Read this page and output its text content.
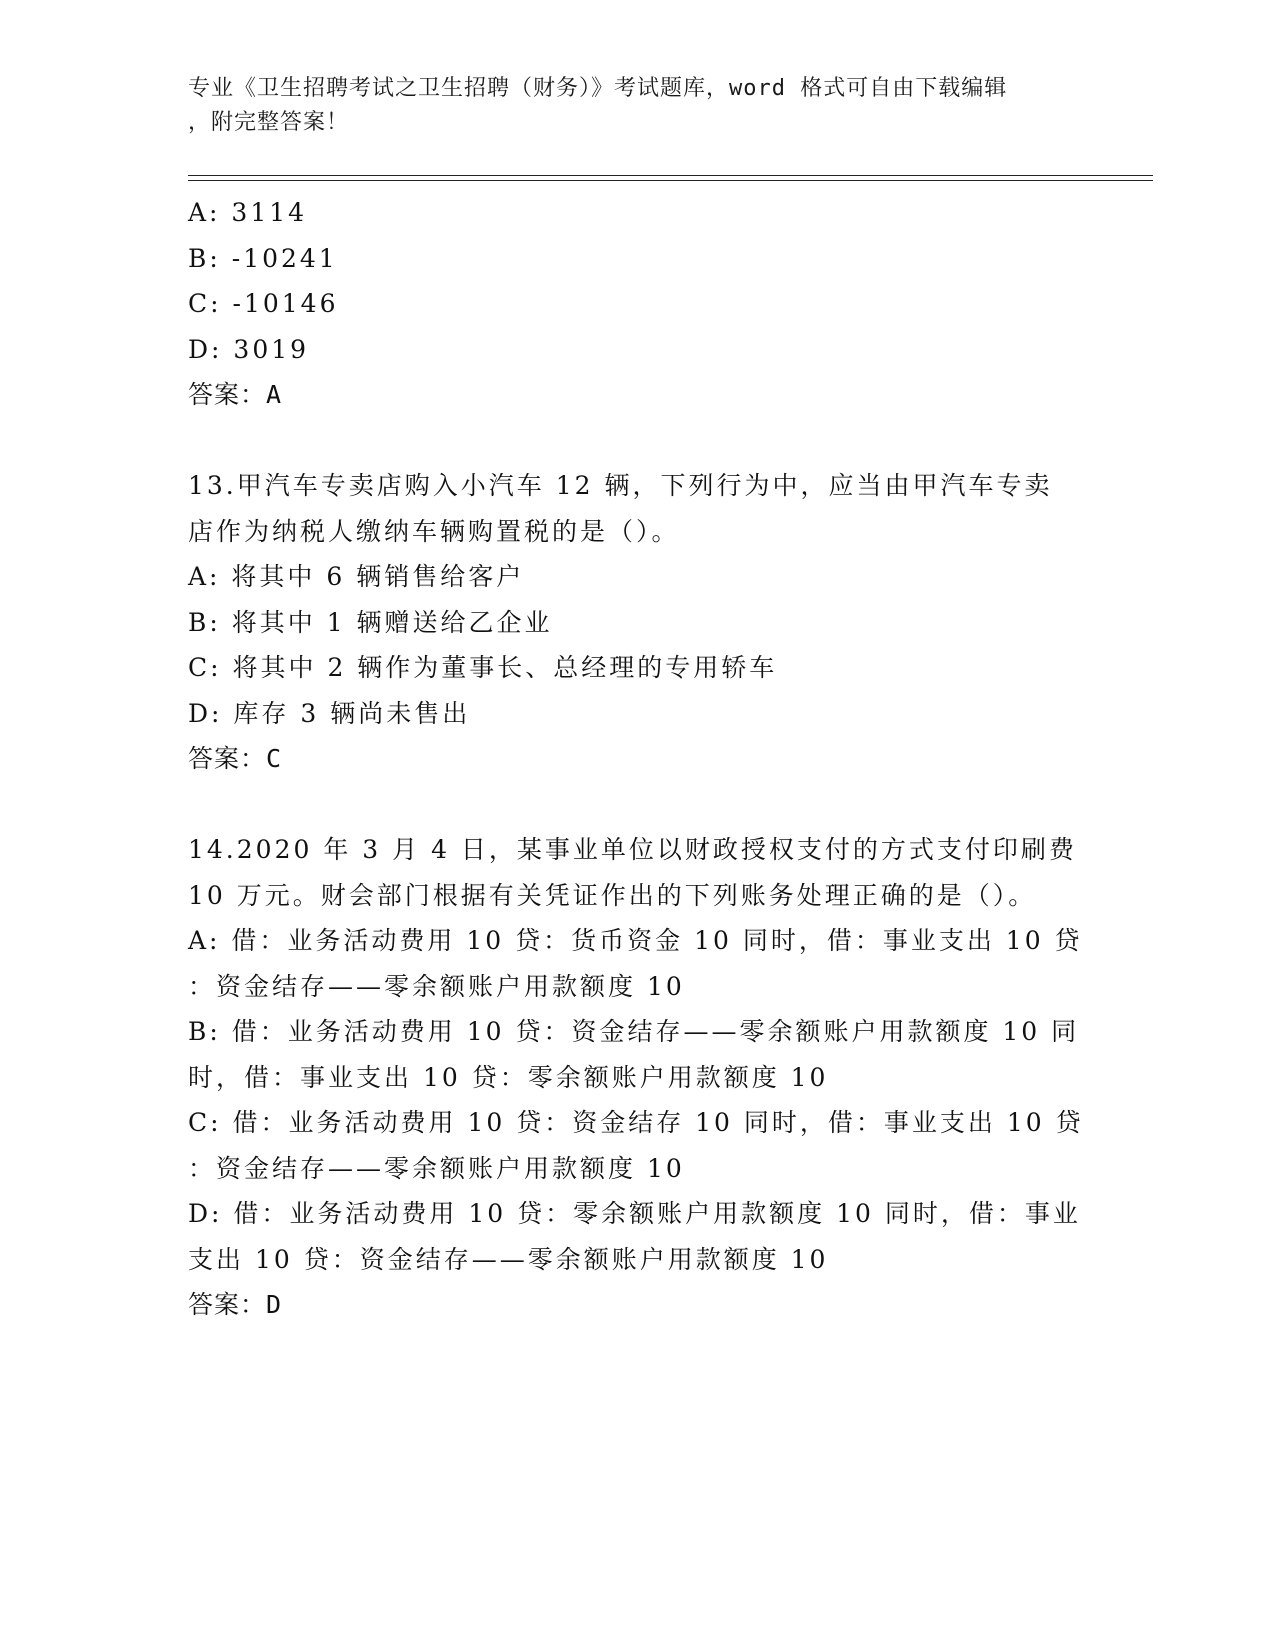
专业《卫生招聘考试之卫生招聘（财务）》考试题库，word 格式可自由下载编辑
，附完整答案！
A: 3114
B: -10241
C: -10146
D: 3019
答案：A
13.甲汽车专卖店购入小汽车 12 辆，下列行为中，应当由甲汽车专卖
店作为纳税人缴纳车辆购置税的是（）。
A: 将其中 6 辆销售给客户
B: 将其中 1 辆赠送给乙企业
C: 将其中 2 辆作为董事长、总经理的专用轿车
D: 库存 3 辆尚未售出
答案：C
14.2020 年 3 月 4 日，某事业单位以财政授权支付的方式支付印刷费
10 万元。财会部门根据有关凭证作出的下列账务处理正确的是（）。
A: 借：业务活动费用 10 贷：货币资金 10 同时，借：事业支出 10 贷
：资金结存——零余额账户用款额度 10
B: 借：业务活动费用 10 贷：资金结存——零余额账户用款额度 10 同
时，借：事业支出 10 贷：零余额账户用款额度 10
C: 借：业务活动费用 10 贷：资金结存 10 同时，借：事业支出 10 贷
：资金结存——零余额账户用款额度 10
D: 借：业务活动费用 10 贷：零余额账户用款额度 10 同时，借：事业
支出 10 贷：资金结存——零余额账户用款额度 10
答案：D
